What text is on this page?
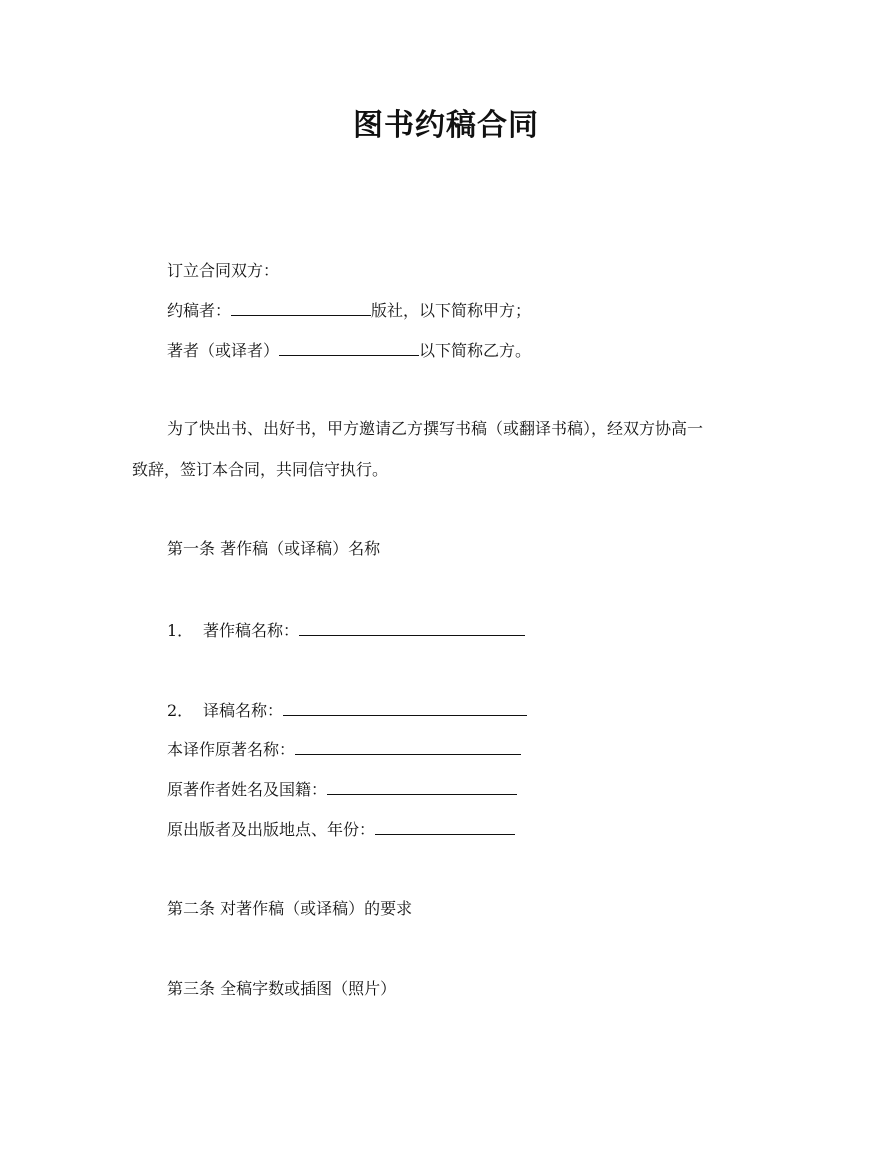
图书约稿合同
订立合同双方：
约稿者：	版社，以下简称甲方；
著者（或译者）	以下简称乙方。
为了快出书、出好书，甲方邀请乙方撰写书稿（或翻译书稿），经双方协高一
致辞，签订本合同，共同信守执行。
第一条 著作稿（或译稿）名称
1． 著作稿名称：
2． 译稿名称：
本译作原著名称：
原著作者姓名及国籍：
原出版者及出版地点、年份：
第二条 对著作稿（或译稿）的要求
第三条 全稿字数或插图（照片）
